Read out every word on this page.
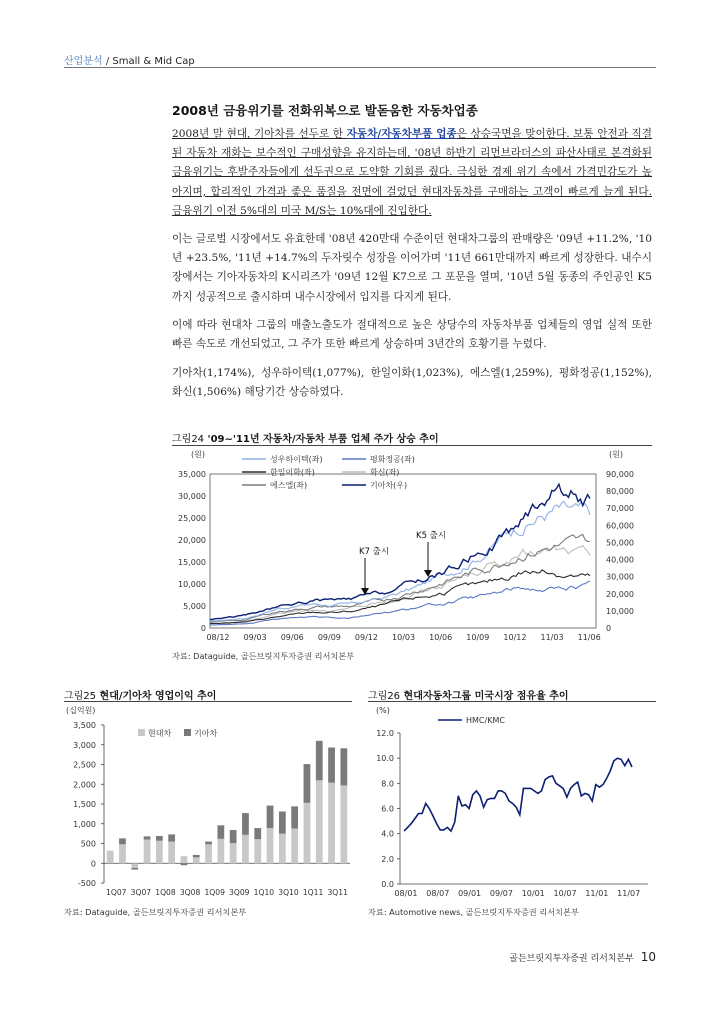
산업분석 / Small & Mid Cap
2008년 금융위기를 전화위복으로 발돋움한 자동차업종
2008년 말 현대, 기아차를 선두로 한 자동차/자동차부품 업종은 상승국면을 맞이한다. 보통 안전과 직결된 자동차 재화는 보수적인 구매성향을 유지하는데, '08년 하반기 리먼브라더스의 파산사태로 본격화된 금융위기는 후발주자들에게 선두권으로 도약할 기회를 줬다. 극심한 경제 위기 속에서 가격민감도가 높아지며, 합리적인 가격과 좋은 품질을 전면에 걸었던 현대자동차를 구매하는 고객이 빠르게 늘게 된다. 금융위기 이전 5%대의 미국 M/S는 10%대에 진입한다.
이는 글로벌 시장에서도 유효한데 '08년 420만대 수준이던 현대차그룹의 판매량은 '09년 +11.2%, '10년 +23.5%, '11년 +14.7%의 두자릿수 성장을 이어가며 '11년 661만대까지 빠르게 성장한다. 내수시장에서는 기아자동차의 K시리즈가 '09년 12월 K7으로 그 포문을 열며, '10년 5월 동종의 주인공인 K5까지 성공적으로 출시하며 내수시장에서 입지를 다지게 된다.
이에 따라 현대차 그룹의 매출노출도가 절대적으로 높은 상당수의 자동차부품 업체들의 영업 실적 또한 빠른 속도로 개선되었고, 그 주가 또한 빠르게 상승하며 3년간의 호황기를 누렸다.
기아차(1,174%), 성우하이텍(1,077%), 한일이화(1,023%), 에스엘(1,259%), 평화정공(1,152%), 화신(1,506%) 해당기간 상승하였다.
그림24 '09~'11년 자동차/자동차 부품 업체 주가 상승 추이
(원)	(원)
0
5,000
10,000
15,000
20,000
25,000
30,000
35,000
0
10,000
20,000
30,000
40,000
50,000
60,000
70,000
80,000
90,000
08/12 09/03 09/06 09/09 09/12 10/03 10/06 10/09 10/12 11/03 11/06
성우하이텍(좌)
한일이화(좌)
에스엘(좌)
평화정공(좌)
화신(좌)
기아차(우)
K7 출시
K5 출시
자료: Dataguide, 골든브릿지투자증권 리서치본부
그림25 현대/기아차 영업이익 추이
(십억원)
-500
0
500
1,000
1,500
2,000
2,500
3,000
3,500
1Q07 3Q07 1Q08 3Q08 1Q09 3Q09 1Q10 3Q10 1Q11 3Q11
현대차	기아차
자료: Dataguide, 골든브릿지투자증권 리서치본부
그림26 현대자동차그룹 미국시장 점유율 추이
(%)
0.0
2.0
4.0
6.0
8.0
10.0
12.0
08/01 08/07 09/01 09/07 10/01 10/07 11/01 11/07
HMC/KMC
자료: Automotive news, 골든브릿지투자증권 리서치본부
골든브릿지투자증권 리서치본부 10
